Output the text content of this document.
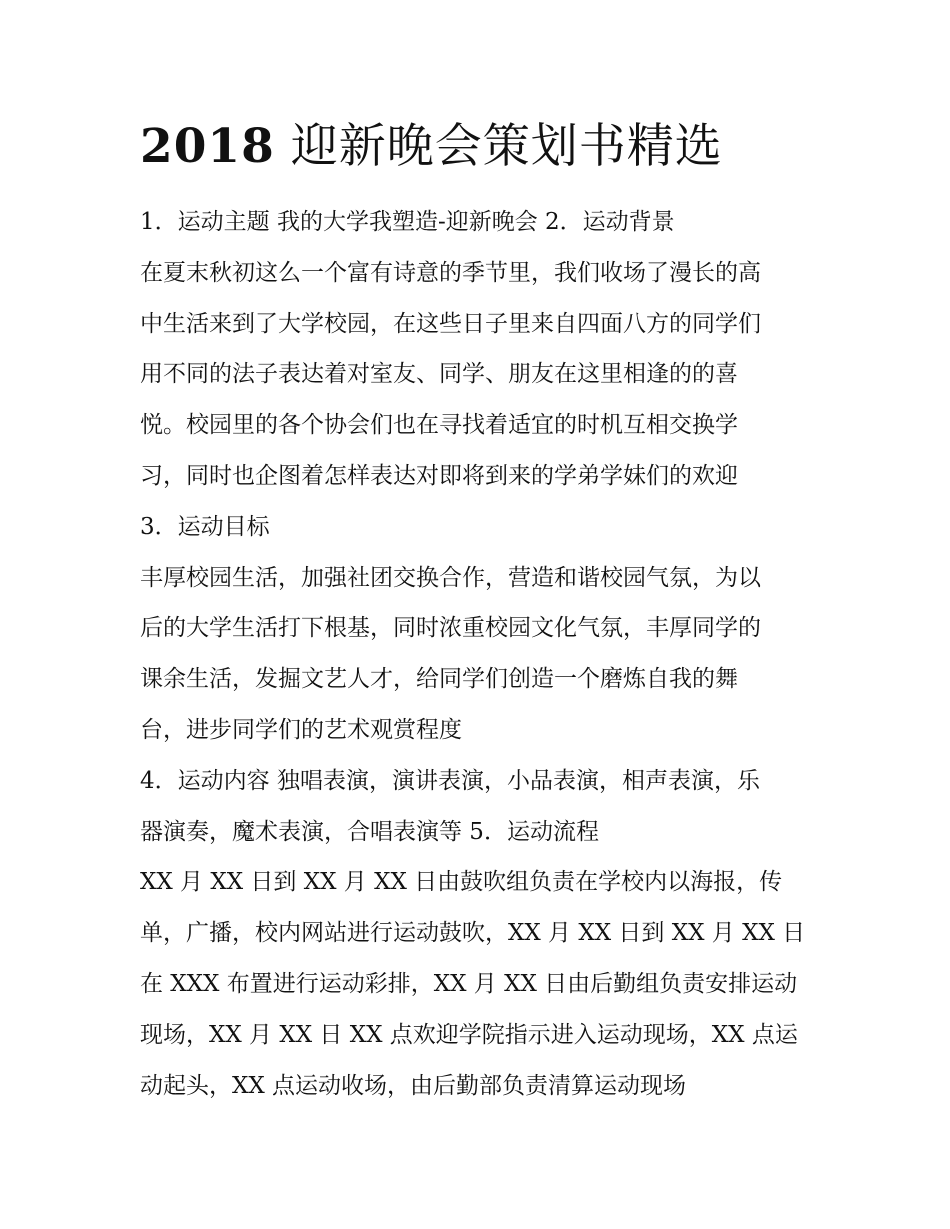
2018 迎新晚会策划书精选
1．运动主题 我的大学我塑造-迎新晚会 2．运动背景
在夏末秋初这么一个富有诗意的季节里，我们收场了漫长的高
中生活来到了大学校园，在这些日子里来自四面八方的同学们
用不同的法子表达着对室友、同学、朋友在这里相逢的的喜
悦。校园里的各个协会们也在寻找着适宜的时机互相交换学
习，同时也企图着怎样表达对即将到来的学弟学妹们的欢迎
3．运动目标
丰厚校园生活，加强社团交换合作，营造和谐校园气氛，为以
后的大学生活打下根基，同时浓重校园文化气氛，丰厚同学的
课余生活，发掘文艺人才，给同学们创造一个磨炼自我的舞
台，进步同学们的艺术观赏程度
4．运动内容 独唱表演，演讲表演，小品表演，相声表演，乐
器演奏，魔术表演，合唱表演等 5．运动流程
XX 月 XX 日到 XX 月 XX 日由鼓吹组负责在学校内以海报，传
单，广播，校内网站进行运动鼓吹，XX 月 XX 日到 XX 月 XX 日
在 XXX 布置进行运动彩排，XX 月 XX 日由后勤组负责安排运动
现场，XX 月 XX 日 XX 点欢迎学院指示进入运动现场，XX 点运
动起头，XX 点运动收场，由后勤部负责清算运动现场
